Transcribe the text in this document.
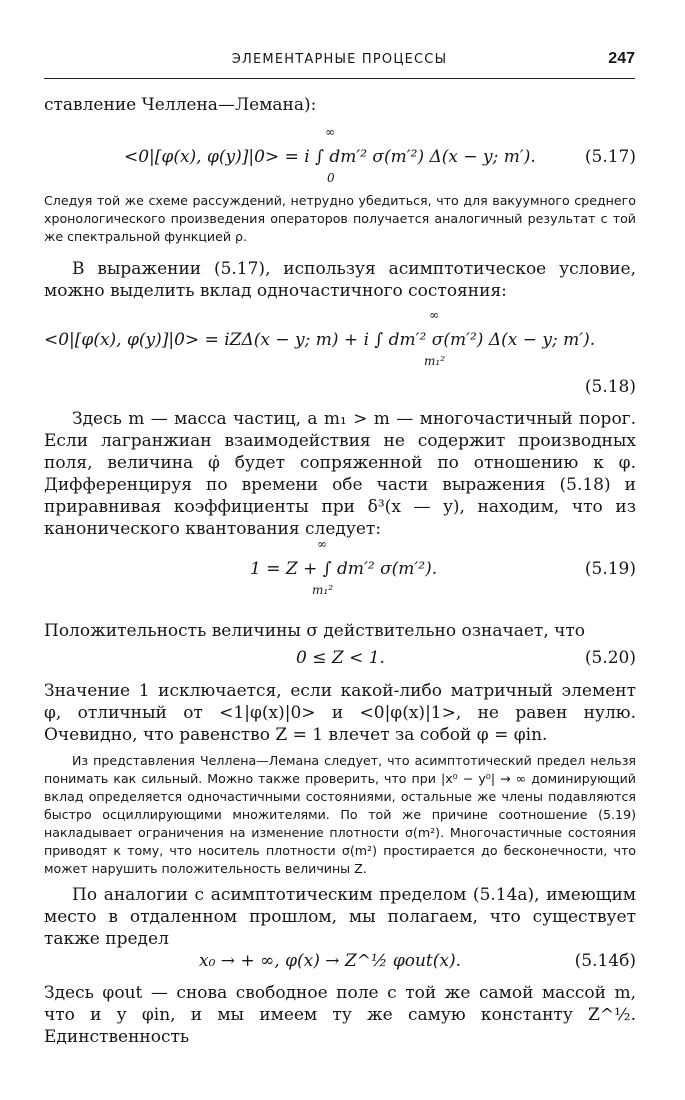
ЭЛЕМЕНТАРНЫЕ ПРОЦЕССЫ	247

ставление Челлена—Лемана):

<0|[φ(x), φ(y)]|0> = i ∫ dm′² σ(m′²) Δ(x − y; m′).
∞
0
(5.17)

Следуя той же схеме рассуждений, нетрудно убедиться, что для вакуумного среднего хронологического произведения операторов получается аналогичный результат с той же спектральной функцией ρ.

В выражении (5.17), используя асимптотическое условие, можно выделить вклад одночастичного состояния:

<0|[φ(x), φ(y)]|0> = iZΔ(x − y; m) + i ∫ dm′² σ(m′²) Δ(x − y; m′).
∞
m₁²
(5.18)

Здесь m — масса частиц, а m₁ > m — многочастичный порог. Если лагранжиан взаимодействия не содержит производных поля, величина φ̇ будет сопряженной по отношению к φ. Дифференцируя по времени обе части выражения (5.18) и приравнивая коэффициенты при δ³(x — y), находим, что из канонического квантования следует:

1 = Z + ∫ dm′² σ(m′²).
∞
m₁²
(5.19)

Положительность величины σ действительно означает, что

0 ≤ Z < 1.	(5.20)

Значение 1 исключается, если какой-либо матричный элемент φ, отличный от <1|φ(x)|0> и <0|φ(x)|1>, не равен нулю. Очевидно, что равенство Z = 1 влечет за собой φ = φin.

Из представления Челлена—Лемана следует, что асимптотический предел нельзя понимать как сильный. Можно также проверить, что при |x⁰ − y⁰| → ∞ доминирующий вклад определяется одночастичными состояниями, остальные же члены подавляются быстро осциллирующими множителями. По той же причине соотношение (5.19) накладывает ограничения на изменение плотности σ(m²). Многочастичные состояния приводят к тому, что носитель плотности σ(m²) простирается до бесконечности, что может нарушить положительность величины Z.

По аналогии с асимптотическим пределом (5.14а), имеющим место в отдаленном прошлом, мы полагаем, что существует также предел

x₀ → + ∞, φ(x) → Z^½ φout(x).	(5.14б)

Здесь φout — снова свободное поле с той же самой массой m, что и у φin, и мы имеем ту же самую константу Z^½. Единственность
